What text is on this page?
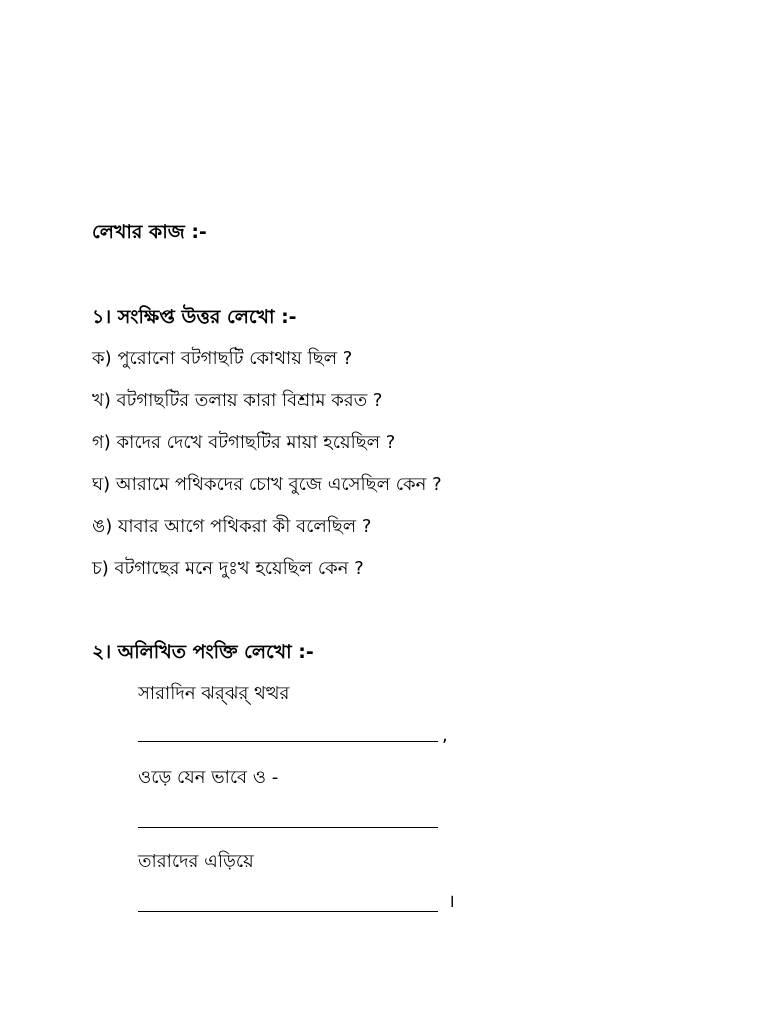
লেখার কাজ :-
১। সংক্ষিপ্ত উত্তর লেখো :-
ক) পুরোনো বটগাছটি কোথায় ছিল ?
খ) বটগাছটির তলায় কারা বিশ্রাম করত ?
গ) কাদের দেখে বটগাছটির মায়া হয়েছিল ?
ঘ) আরামে পথিকদের চোখ বুজে এসেছিল কেন ?
ঙ) যাবার আগে পথিকরা কী বলেছিল ?
চ) বটগাছের মনে দুঃখ হয়েছিল কেন ?
২। অলিখিত পংক্তি লেখো :-
সারাদিন ঝর্‌ঝর্‌ থত্থর
,
ওড়ে যেন ভাবে ও -
তারাদের এড়িয়ে
।
